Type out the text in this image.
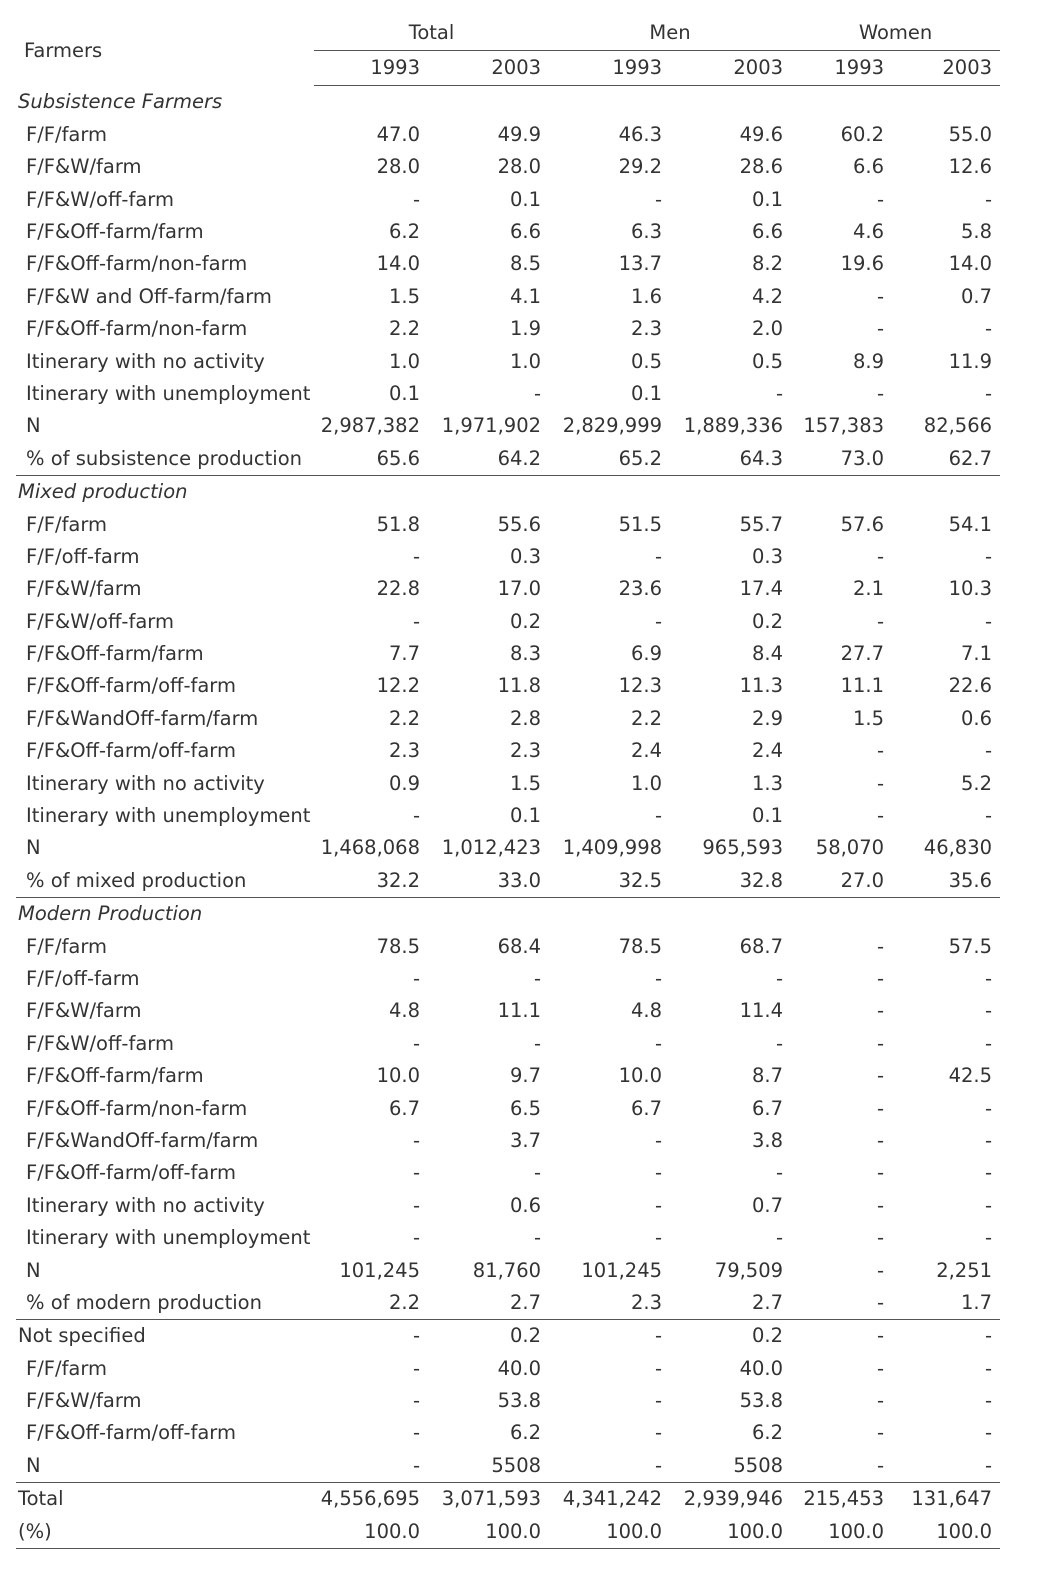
Farmers	Total		Men		Women	
	1993	2003	1993	2003	1993	2003
Subsistence Farmers						
F/F/farm	47.0	49.9	46.3	49.6	60.2	55.0
F/F&W/farm	28.0	28.0	29.2	28.6	6.6	12.6
F/F&W/off-farm	-	0.1	-	0.1	-	-
F/F&Off-farm/farm	6.2	6.6	6.3	6.6	4.6	5.8
F/F&Off-farm/non-farm	14.0	8.5	13.7	8.2	19.6	14.0
F/F&W and Off-farm/farm	1.5	4.1	1.6	4.2	-	0.7
F/F&Off-farm/non-farm	2.2	1.9	2.3	2.0	-	-
Itinerary with no activity	1.0	1.0	0.5	0.5	8.9	11.9
Itinerary with unemployment	0.1	-	0.1	-	-	-
N	2,987,382	1,971,902	2,829,999	1,889,336	157,383	82,566
% of subsistence production	65.6	64.2	65.2	64.3	73.0	62.7
Mixed production						
F/F/farm	51.8	55.6	51.5	55.7	57.6	54.1
F/F/off-farm	-	0.3	-	0.3	-	-
F/F&W/farm	22.8	17.0	23.6	17.4	2.1	10.3
F/F&W/off-farm	-	0.2	-	0.2	-	-
F/F&Off-farm/farm	7.7	8.3	6.9	8.4	27.7	7.1
F/F&Off-farm/off-farm	12.2	11.8	12.3	11.3	11.1	22.6
F/F&WandOff-farm/farm	2.2	2.8	2.2	2.9	1.5	0.6
F/F&Off-farm/off-farm	2.3	2.3	2.4	2.4	-	-
Itinerary with no activity	0.9	1.5	1.0	1.3	-	5.2
Itinerary with unemployment	-	0.1	-	0.1	-	-
N	1,468,068	1,012,423	1,409,998	965,593	58,070	46,830
% of mixed production	32.2	33.0	32.5	32.8	27.0	35.6
Modern Production						
F/F/farm	78.5	68.4	78.5	68.7	-	57.5
F/F/off-farm	-	-	-	-	-	-
F/F&W/farm	4.8	11.1	4.8	11.4	-	-
F/F&W/off-farm	-	-	-	-	-	-
F/F&Off-farm/farm	10.0	9.7	10.0	8.7	-	42.5
F/F&Off-farm/non-farm	6.7	6.5	6.7	6.7	-	-
F/F&WandOff-farm/farm	-	3.7	-	3.8	-	-
F/F&Off-farm/off-farm	-	-	-	-	-	-
Itinerary with no activity	-	0.6	-	0.7	-	-
Itinerary with unemployment	-	-	-	-	-	-
N	101,245	81,760	101,245	79,509	-	2,251
% of modern production	2.2	2.7	2.3	2.7	-	1.7
Not specified	-	0.2	-	0.2	-	-
F/F/farm	-	40.0	-	40.0	-	-
F/F&W/farm	-	53.8	-	53.8	-	-
F/F&Off-farm/off-farm	-	6.2	-	6.2	-	-
N	-	5508	-	5508	-	-
Total	4,556,695	3,071,593	4,341,242	2,939,946	215,453	131,647
(%)	100.0	100.0	100.0	100.0	100.0	100.0
